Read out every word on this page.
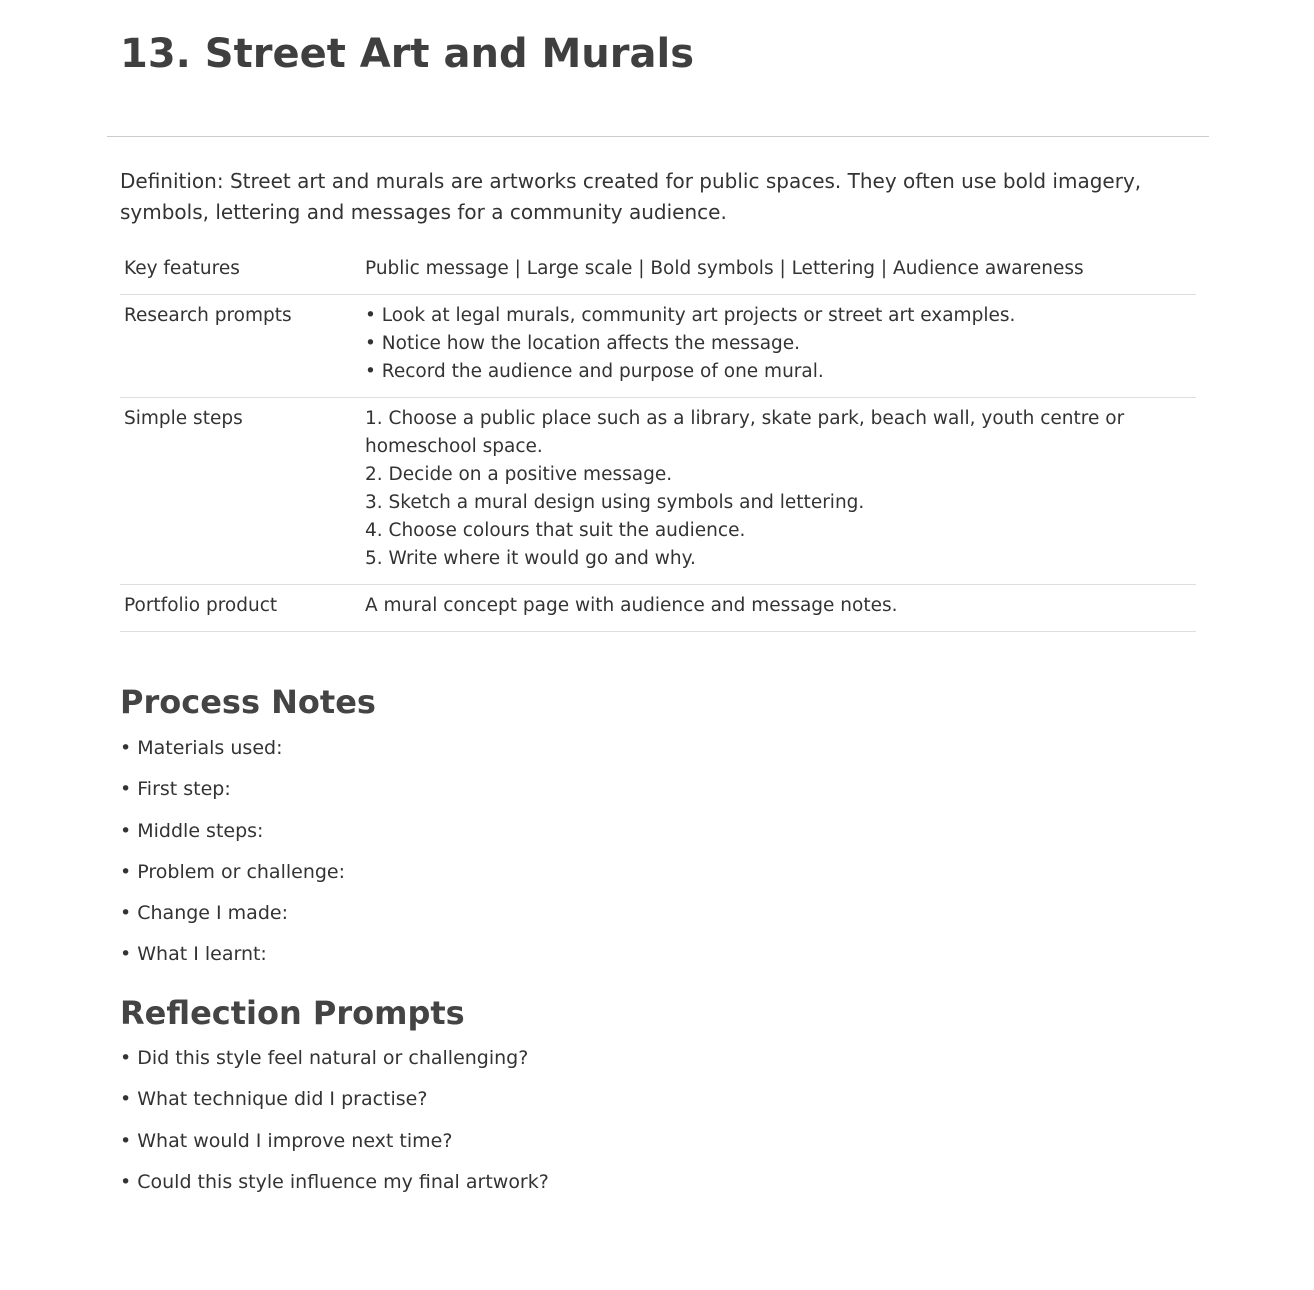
13. Street Art and Murals

Definition: Street art and murals are artworks created for public spaces. They often use bold imagery, symbols, lettering and messages for a community audience.

Key features	Public message | Large scale | Bold symbols | Lettering | Audience awareness

Research prompts	• Look at legal murals, community art projects or street art examples.
• Notice how the location affects the message.
• Record the audience and purpose of one mural.

Simple steps	1. Choose a public place such as a library, skate park, beach wall, youth centre or homeschool space.
2. Decide on a positive message.
3. Sketch a mural design using symbols and lettering.
4. Choose colours that suit the audience.
5. Write where it would go and why.

Portfolio product	A mural concept page with audience and message notes.
Process Notes
• Materials used:
• First step:
• Middle steps:
• Problem or challenge:
• Change I made:
• What I learnt:
Reflection Prompts
• Did this style feel natural or challenging?
• What technique did I practise?
• What would I improve next time?
• Could this style influence my final artwork?
